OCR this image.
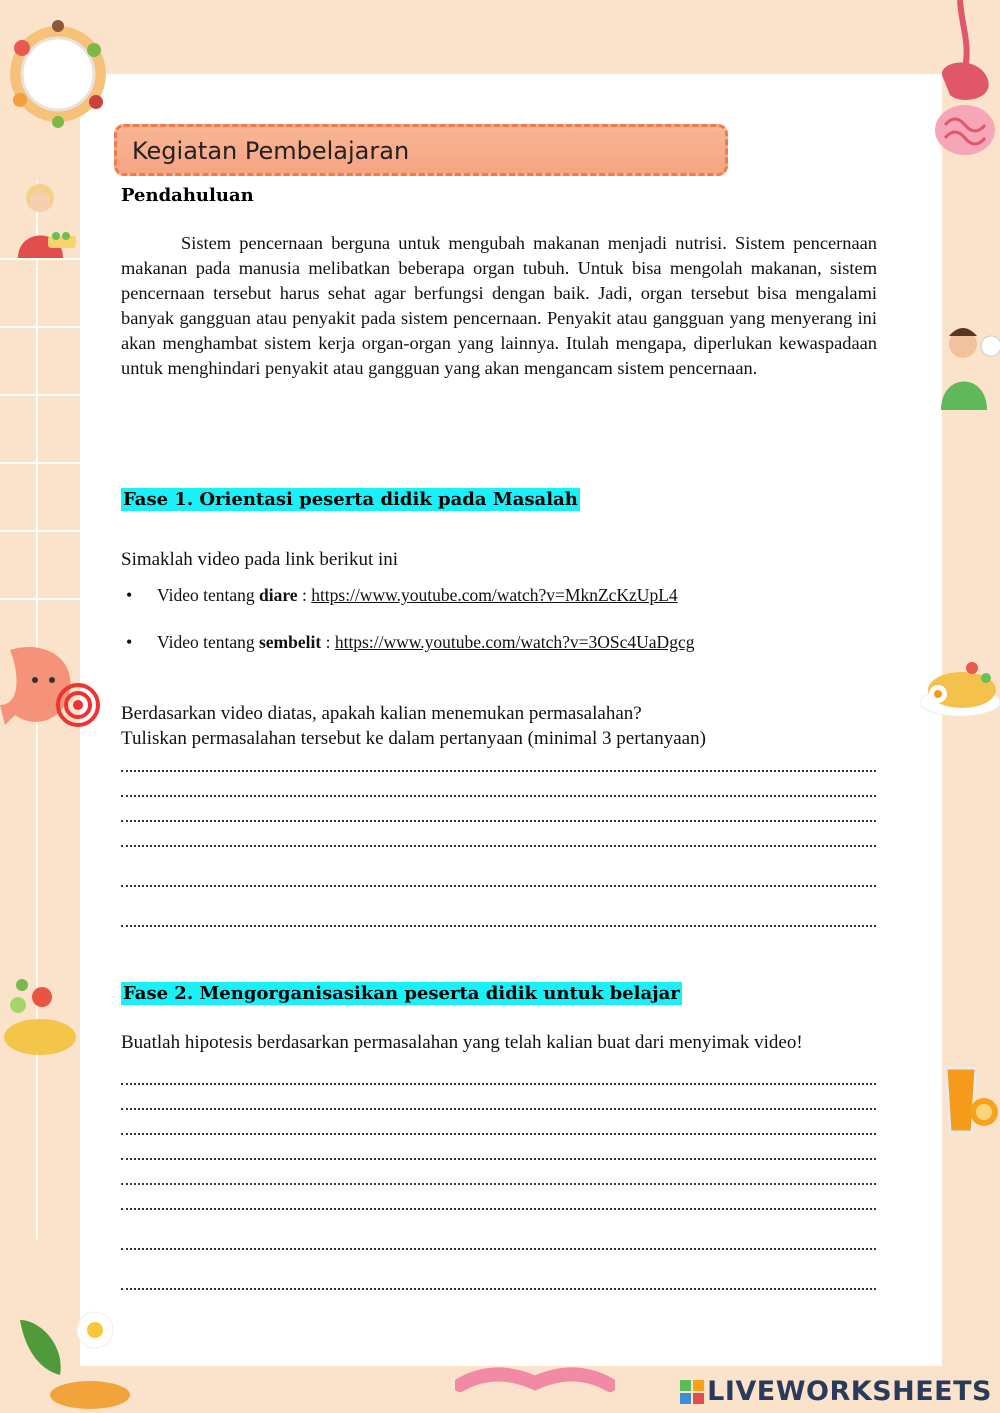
Kegiatan Pembelajaran
Pendahuluan
Sistem pencernaan berguna untuk mengubah makanan menjadi nutrisi. Sistem pencernaan makanan pada manusia melibatkan beberapa organ tubuh. Untuk bisa mengolah makanan, sistem pencernaan tersebut harus sehat agar berfungsi dengan baik. Jadi, organ tersebut bisa mengalami banyak gangguan atau penyakit pada sistem pencernaan. Penyakit atau gangguan yang menyerang ini akan menghambat sistem kerja organ-organ yang lainnya. Itulah mengapa, diperlukan kewaspadaan untuk menghindari penyakit atau gangguan yang akan mengancam sistem pencernaan.
Fase 1. Orientasi peserta didik pada Masalah
Simaklah video pada link berikut ini
• Video tentang diare : https://www.youtube.com/watch?v=MknZcKzUpL4
• Video tentang sembelit : https://www.youtube.com/watch?v=3OSc4UaDgcg
Berdasarkan video diatas, apakah kalian menemukan permasalahan?
Tuliskan permasalahan tersebut ke dalam pertanyaan (minimal 3 pertanyaan)
Fase 2. Mengorganisasikan peserta didik untuk belajar
Buatlah hipotesis berdasarkan permasalahan yang telah kalian buat dari menyimak video!
LIVEWORKSHEETS
